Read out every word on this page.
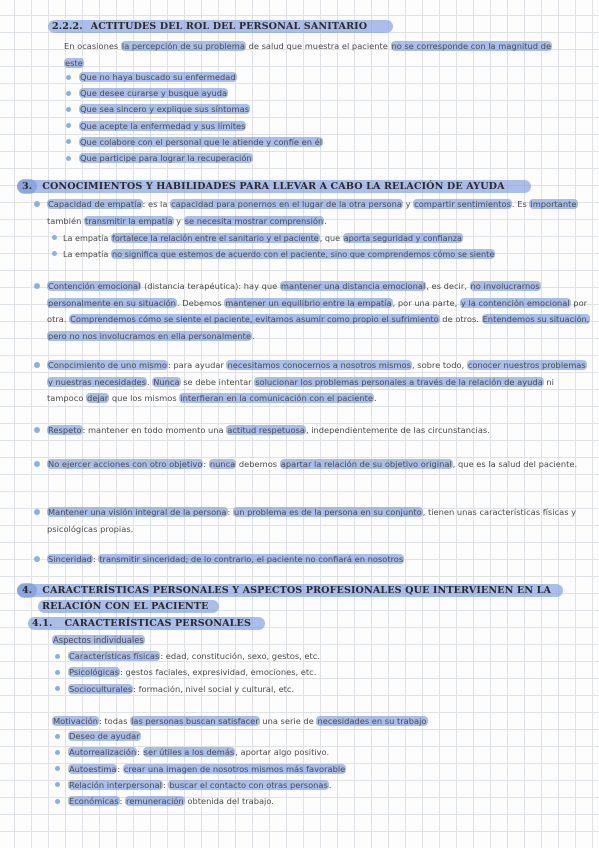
2.2.2. ACTITUDES DEL ROL DEL PERSONAL SANITARIO
En ocasiones la percepción de su problema de salud que muestra el paciente no se corresponde con la magnitud de este
Que no haya buscado su enfermedad
Que desee curarse y busque ayuda
Que sea sincero y explique sus síntomas
Que acepte la enfermedad y sus límites
Que colabore con el personal que le atiende y confíe en él
Que participe para lograr la recuperación
3. CONOCIMIENTOS Y HABILIDADES PARA LLEVAR A CABO LA RELACIÓN DE AYUDA
Capacidad de empatía: es la capacidad para ponernos en el lugar de la otra persona y compartir sentimientos. Es importante también transmitir la empatía y se necesita mostrar comprensión.
La empatía fortalece la relación entre el sanitario y el paciente, que aporta seguridad y confianza
La empatía no significa que estemos de acuerdo con el paciente, sino que comprendemos cómo se siente
Contención emocional (distancia terapéutica): hay que mantener una distancia emocional, es decir, no involucrarnos personalmente en su situación. Debemos mantener un equilibrio entre la empatía, por una parte, y la contención emocional por otra. Comprendemos cómo se siente el paciente, evitamos asumir como propio el sufrimiento de otros. Entendemos su situación, pero no nos involucramos en ella personalmente.
Conocimiento de uno mismo: para ayudar necesitamos conocernos a nosotros mismos, sobre todo, conocer nuestros problemas y nuestras necesidades. Nunca se debe intentar solucionar los problemas personales a través de la relación de ayuda ni tampoco dejar que los mismos interfieran en la comunicación con el paciente.
Respeto: mantener en todo momento una actitud respetuosa, independientemente de las circunstancias.
No ejercer acciones con otro objetivo: nunca debemos apartar la relación de su objetivo original, que es la salud del paciente.
Mantener una visión integral de la persona: un problema es de la persona en su conjunto, tienen unas características físicas y psicológicas propias.
Sinceridad: transmitir sinceridad; de lo contrario, el paciente no confiará en nosotros
4. CARACTERÍSTICAS PERSONALES Y ASPECTOS PROFESIONALES QUE INTERVIENEN EN LA
RELACIÓN CON EL PACIENTE
4.1. CARACTERÍSTICAS PERSONALES
Aspectos individuales
Características físicas: edad, constitución, sexo, gestos, etc.
Psicológicas: gestos faciales, expresividad, emociones, etc.
Socioculturales: formación, nivel social y cultural, etc.
Motivación: todas las personas buscan satisfacer una serie de necesidades en su trabajo
Deseo de ayudar
Autorrealización: ser útiles a los demás, aportar algo positivo.
Autoestima: crear una imagen de nosotros mismos más favorable
Relación interpersonal: buscar el contacto con otras personas.
Económicas: remuneración obtenida del trabajo.
